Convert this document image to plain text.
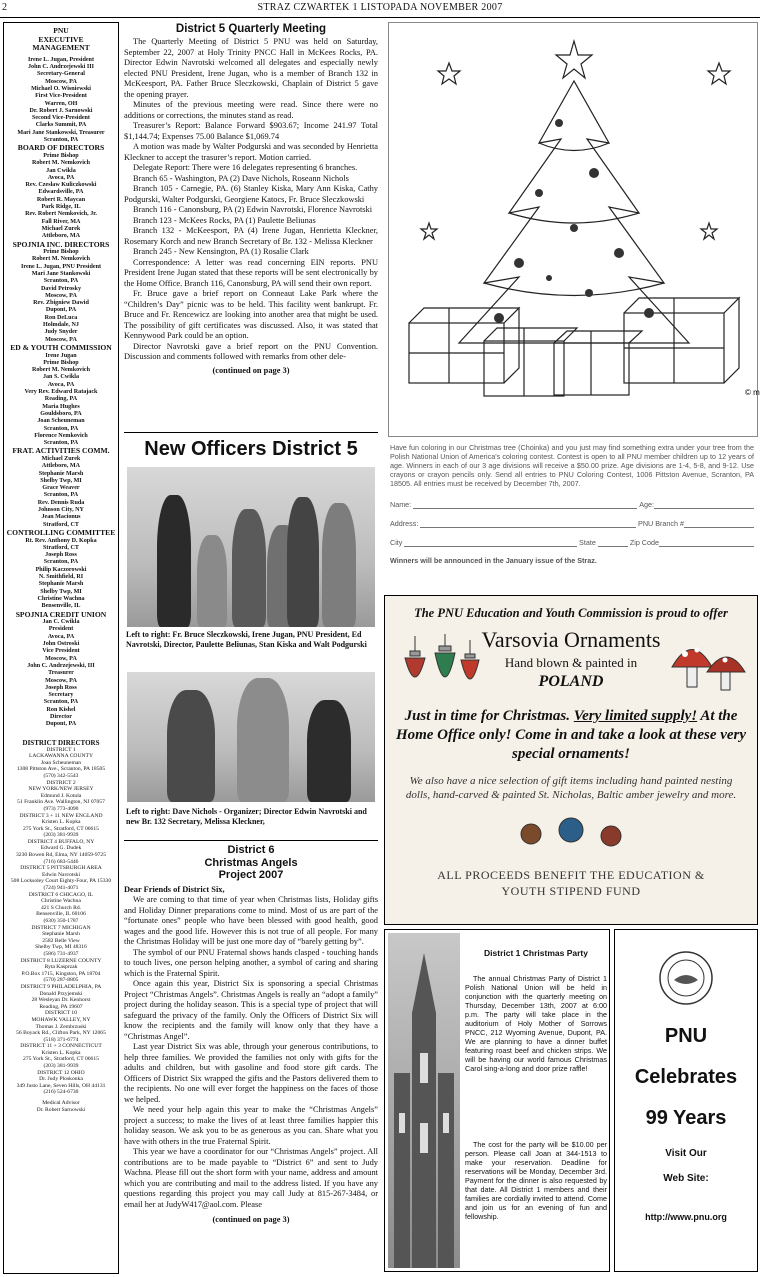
2	STRAZ CZWARTEK 1 LISTOPADA NOVEMBER 2007
PNU
EXECUTIVE
MANAGEMENT
Irene L. Jugan, President
John C. Andrzejewski III
Secretary-General
Moscow, PA
Michael O. Wisniewski
First Vice-President
Warren, OH
Dr. Robert J. Sarnowski
Second Vice-President
Clarks Summit, PA
Mari Jane Stankowski, Treasurer
Scranton, PA
BOARD OF DIRECTORS
Prime Bishop
Robert M. Nemkovich
Jan Cwikla
Avoca, PA
Rev. Czeslaw Kuliczkowski
Edwardsville, PA
Robert R. Maycan
Park Ridge, IL
Rev. Robert Nemkovich, Jr.
Fall River, MA
Michael Zurek
Attleboro, MA
SPOJNIA INC. DIRECTORS
Prime Bishop
Robert M. Nemkovich
Irene L. Jugan, PNU President
Mari Jane Stankowski
Scranton, PA
David Petrosky
Moscow, PA
Rev. Zbigniew Dawid
Dupont, PA
Ron DeLuca
Holmdale, NJ
Judy Snyder
Moscow, PA
ED & YOUTH COMMISSION
Irene Jugan
Prime Bishop
Robert M. Nemkovich
Jan S. Cwikla
Avoca, PA
Very Rev. Edward Ratajack
Reading, PA
Maria Hughes
Gouldsboro, PA
Joan Scheuneman
Scranton, PA
Florence Nemkovich
Scranton, PA
FRAT. ACTIVITIES COMM.
Michael Zurek
Attleboro, MA
Stephanie Marsh
Shelby Twp, MI
Grace Weaver
Scranton, PA
Rev. Dennis Ruda
Johnson City, NY
Jean Macionus
Stratford, CT
CONTROLLING COMMITTEE
Rt. Rev. Anthony D. Kopka
Stratford, CT
Joseph Ross
Scranton, PA
Philip Kaczorowski
N. Smithfield, RI
Stephanie Marsh
Shelby Twp, MI
Christine Wachna
Bensenville, IL
SPOJNIA CREDIT UNION
Jan C. Cwikla
President
Avoca, PA
John Ostroski
Vice President
Moscow, PA
John C. Andrzejewski, III
Treasurer
Moscow, PA
Joseph Ross
Secretary
Scranton, PA
Ron Kishel
Director
Dupont, PA
DISTRICT DIRECTORS
DISTRICT 1
LACKAWANNA COUNTY
Joan Scheuneman
1308 Pittston Ave., Scranton, PA 18505
(570) 342-5543
DISTRICT 2
NEW YORK/NEW JERSEY
Edmund J. Kotula
51 Franklin Ave. Wallington, NJ 07057
(973) 773-4090
DISTRICT 3 + 11 NEW ENGLAND
Kristen L. Kopka
275 York St., Stratford, CT 06615
(203) 381-9939
DISTRICT 4 BUFFALO, NY
Edward G. Dudek
3230 Bowen Rd, Elma, NY 14059-9725
(716) 683-5446
DISTRICT 5 PITTSBURGH AREA
Edwin Navrotski
508 Locksoley Court Eighty-Four, PA 15330
(724) 941-4071
DISTRICT 6 CHICAGO, IL
Christine Wachna
421 S Church Rd.
Bensenville, IL 60106
(630) 350-1787
DISTRICT 7 MICHIGAN
Stephanie Marsh
2582 Belle View
Shelby Twp, MI 48316
(586) 731-4937
DISTRICT 8 LUZERNE COUNTY
Ryta Kasprzak
P.O.Box 1715, Kingston, PA 18704
(570) 287-8805
DISTRICT 9 PHILADELPHIA, PA
Donald Przyjemski
28 Wesleyan Dr. Kenhorst
Reading, PA 19607
DISTRICT 10
MOHAWK VALLEY, NY
Thomas J. Zembrzuski
56 Boyack Rd., Clifton Park, NY 12065
(518) 371-6774
DISTRICT 11 + 3 CONNECTICUT
Kristen L. Kopka
275 York St., Stratford, CT 06615
(203) 381-9939
DISTRICT 12 OHIO
Dr. Judy Ploskonka
349 Justo Lane, Seven Hills, OH 44131
(216) 524-6730
Medical Advisor
Dr. Robert Sarnowski
District 5 Quarterly Meeting

The Quarterly Meeting of District 5 PNU was held on Saturday, September 22, 2007 at Holy Trinity PNCC Hall in McKees Rocks, PA. Director Edwin Navrotski welcomed all delegates and especially newly elected PNU President, Irene Jugan, who is a member of Branch 132 in McKeesport, PA. Father Bruce Sleczkowski, Chaplain of District 5 gave the opening prayer.

Minutes of the previous meeting were read. Since there were no additions or corrections, the minutes stand as read.

Treasurer’s Report: Balance Forward $903.67; Income 241.97 Total $1,144.74; Expenses 75.00 Balance $1,069.74

A motion was made by Walter Podgurski and was seconded by Henrietta Kleckner to accept the trasurer’s report. Motion carried.

Delegate Report: There were 16 delegates representing 6 branches.

Branch 65 - Washington, PA (2) Dave Nichols, Roseann Nichols

Branch 105 - Carnegie, PA. (6) Stanley Kiska, Mary Ann Kiska, Cathy Podgurski, Walter Podgurski, Georgiene Katocs, Fr. Bruce Sleczkowski

Branch 116 - Canonsburg, PA (2) Edwin Navrotski, Florence Navrotski

Branch 123 - McKees Rocks, PA (1) Paulette Beliunas

Branch 132 - McKeesport, PA (4) Irene Jugan, Henrietta Kleckner, Rosemary Korch and new Branch Secretary of Br. 132 - Melissa Kleckner

Branch 245 - New Kensington, PA (1) Rosalie Clark

Correspondence: A letter was read concerning EIN reports. PNU President Irene Jugan stated that these reports will be sent electronically by the Home Office. Branch 116, Canonsburg, PA will send their own report.

Fr. Bruce gave a brief report on Conneaut Lake Park where the “Children’s Day” picnic was to be held. This facility went bankrupt. Fr. Bruce and Fr. Rencewicz are looking into another area that might be used. The possibility of gift certificates was discussed. Also, it was stated that Kennywood Park could be an option.

Director Navrotski gave a brief report on the PNU Convention. Discussion and comments followed with remarks from other dele-

(continued on page 3)
New Officers District 5
Left to right: Fr. Bruce Sleczkowski, Irene Jugan, PNU President, Ed Navrotski, Director, Paulette Beliunas, Stan Kiska and Walt Podgurski
Left to right: Dave Nichols - Organizer; Director Edwin Navrotski and new Br. 132 Secretary, Melissa Kleckner,
District 6
Christmas Angels
Project 2007
Dear Friends of District Six,

We are coming to that time of year when Christmas lists, Holiday gifts and Holiday Dinner preparations come to mind. Most of us are part of the “fortunate ones” people who have been blessed with good health, good wages and the good life. However this is not true of all people. For many the Christmas Holiday will be just one more day of “barely getting by”.

The symbol of our PNU Fraternal shows hands clasped - touching hands to touch lives, one person helping another, a symbol of caring and sharing which is the Fraternal Spirit.

Once again this year, District Six is sponsoring a special Christmas Project “Christmas Angels”. Christmas Angels is really an “adopt a family” project during the holiday season. This is a special type of project that will safeguard the privacy of the family. Only the Officers of District Six will know the recipients and the family will know only that they have a “Christmas Angel”.

Last year District Six was able, through your generous contributions, to help three families. We provided the families not only with gifts for the adults and children, but with gasoline and food store gift cards. The Officers of District Six wrapped the gifts and the Pastors delivered them to the recipients. No one will ever forget the happiness on the faces of those we helped.

We need your help again this year to make the “Christmas Angels” project a success; to make the lives of at least three families happier this holiday season. We ask you to be as generous as you can. Share what you have with others in the true Fraternal Spirit.

This year we have a coordinator for our “Christmas Angels” project. All contributions are to be made payable to “District 6” and sent to Judy Wachna. Please fill out the short form with your name, address and amount which you are contributing and mail to the address listed. If you have any questions regarding this project you may call Judy at 815-267-3484, or email her at JudyW417@aol.com. Please

(continued on page 3)
© m
Have fun coloring in our Christmas tree (Choinka) and you just may find something extra under your tree from the Polish National Union of America's coloring contest. Contest is open to all PNU member children up to 12 years of age. Winners in each of our 3 age divisions will receive a $50.00 prize. Age divisions are 1-4, 5-8, and 9-12. Use crayons or crayon pencils only. Send all entries to PNU Coloring Contest, 1006 Pittston Avenue, Scranton, PA 18505. All entries must be received by December 7th, 2007.
Name:	Age:
Address:	PNU Branch #
City	State	Zip Code
Winners will be announced in the January issue of the Straz.
The PNU Education and Youth Commission is proud to offer
Varsovia Ornaments
Hand blown & painted in
POLAND
Just in time for Christmas. Very limited supply! At the Home Office only! Come in and take a look at these very special ornaments!
We also have a nice selection of gift items including hand painted nesting dolls, hand-carved & painted St. Nicholas, Baltic amber jewelry and more.
ALL PROCEEDS BENEFIT THE EDUCATION & YOUTH STIPEND FUND
District 1 Christmas Party
The annual Christmas Party of District 1 Polish National Union will be held in conjunction with the quarterly meeting on Thursday, December 13th, 2007 at 6:00 p.m. The party will take place in the auditorium of Holy Mother of Sorrows PNCC, 212 Wyoming Avenue, Dupont, PA. We are planning to have a dinner buffet featuring roast beef and chicken strips. We will be having our world famous Christmas Carol sing-a-long and door prize raffle!
The cost for the party will be $10.00 per person. Please call Joan at 344-1513 to make your reservation. Deadline for reservations will be Monday, December 3rd. Payment for the dinner is also requested by that date. All District 1 members and their families are cordially invited to attend. Come and join us for an evening of fun and fellowship.
PNU
Celebrates
99 Years
Visit Our
Web Site:
http://www.pnu.org
